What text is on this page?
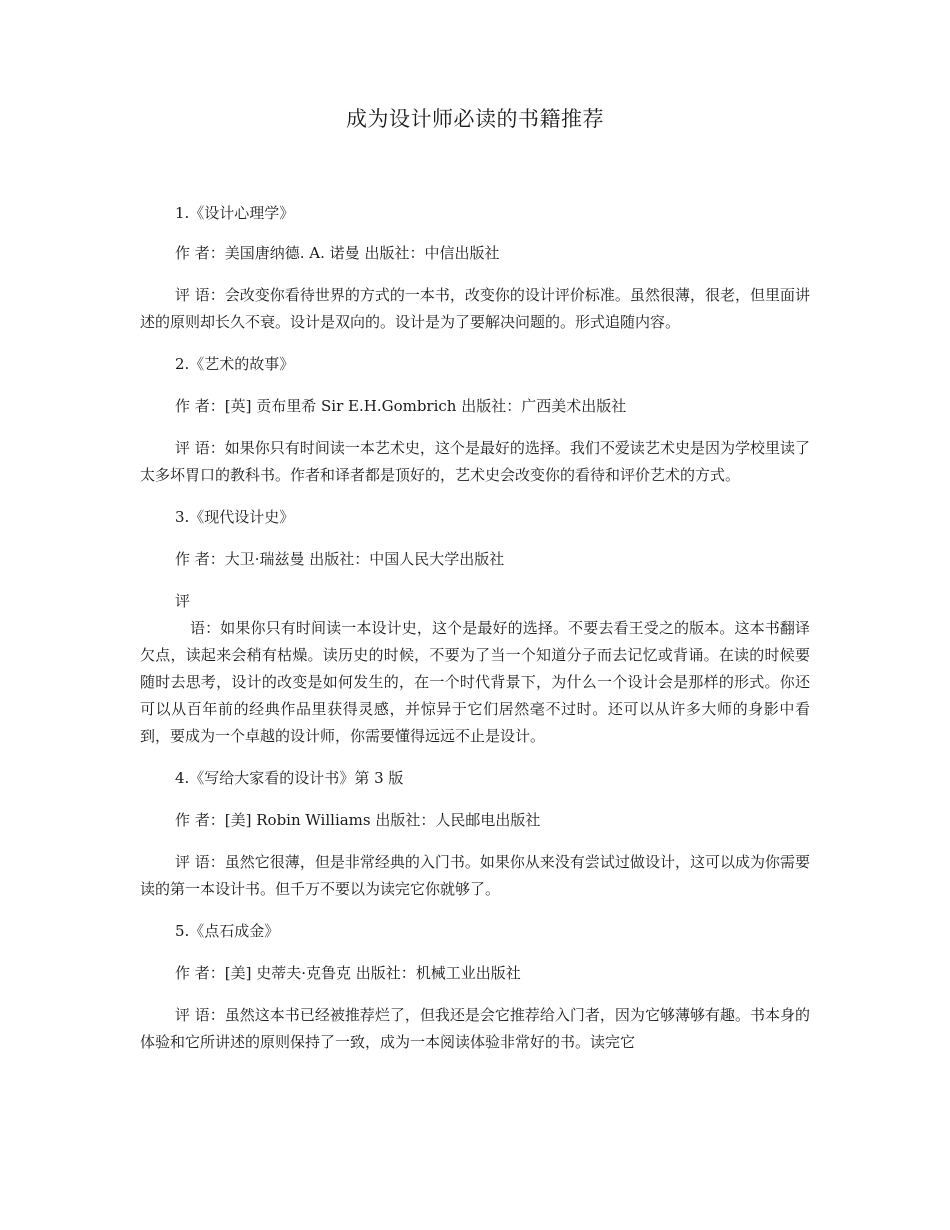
成为设计师必读的书籍推荐

1.《设计心理学》

作 者：美国唐纳德. A. 诺曼 出版社：中信出版社

评 语：会改变你看待世界的方式的一本书，改变你的设计评价标准。虽然很薄，很老，但里面讲述的原则却长久不衰。设计是双向的。设计是为了要解决问题的。形式追随内容。

2.《艺术的故事》

作 者：[英] 贡布里希 Sir E.H.Gombrich 出版社：广西美术出版社

评 语：如果你只有时间读一本艺术史，这个是最好的选择。我们不爱读艺术史是因为学校里读了太多坏胃口的教科书。作者和译者都是顶好的，艺术史会改变你的看待和评价艺术的方式。

3.《现代设计史》

作 者：大卫·瑞兹曼 出版社：中国人民大学出版社

评

语：如果你只有时间读一本设计史，这个是最好的选择。不要去看王受之的版本。这本书翻译欠点，读起来会稍有枯燥。读历史的时候，不要为了当一个知道分子而去记忆或背诵。在读的时候要随时去思考，设计的改变是如何发生的，在一个时代背景下，为什么一个设计会是那样的形式。你还可以从百年前的经典作品里获得灵感，并惊异于它们居然毫不过时。还可以从许多大师的身影中看到，要成为一个卓越的设计师，你需要懂得远远不止是设计。

4.《写给大家看的设计书》第 3 版

作 者：[美] Robin Williams 出版社：人民邮电出版社

评 语：虽然它很薄，但是非常经典的入门书。如果你从来没有尝试过做设计，这可以成为你需要读的第一本设计书。但千万不要以为读完它你就够了。

5.《点石成金》

作 者：[美] 史蒂夫·克鲁克 出版社：机械工业出版社

评 语：虽然这本书已经被推荐烂了，但我还是会它推荐给入门者，因为它够薄够有趣。书本身的体验和它所讲述的原则保持了一致，成为一本阅读体验非常好的书。读完它
